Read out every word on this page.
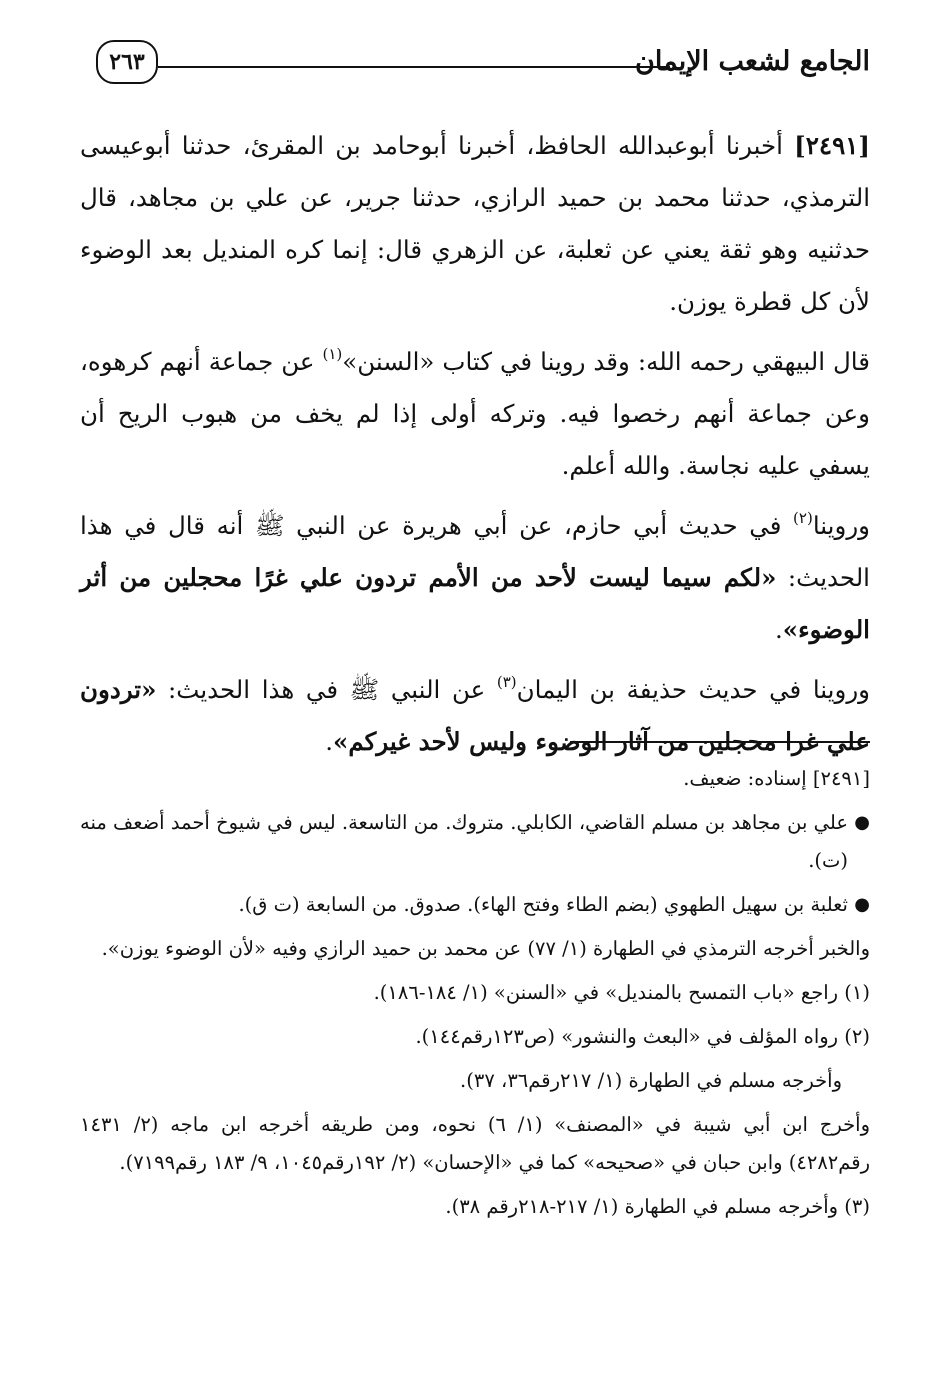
الجامع لشعب الإيمان
٢٦٣

[٢٤٩١] أخبرنا أبوعبدالله الحافظ، أخبرنا أبوحامد بن المقرئ، حدثنا أبوعيسى الترمذي، حدثنا محمد بن حميد الرازي، حدثنا جرير، عن علي بن مجاهد، قال حدثنيه وهو ثقة يعني عن ثعلبة، عن الزهري قال: إنما كره المنديل بعد الوضوء لأن كل قطرة يوزن.

قال البيهقي رحمه الله: وقد روينا في كتاب «السنن»$^{(١)}$ عن جماعة أنهم كرهوه، وعن جماعة أنهم رخصوا فيه. وتركه أولى إذا لم يخف من هبوب الريح أن يسفي عليه نجاسة. والله أعلم.

وروينا$^{(٢)}$ في حديث أبي حازم، عن أبي هريرة عن النبي ﷺ أنه قال في هذا الحديث: «لكم سيما ليست لأحد من الأمم تردون علي غرًا محجلين من أثر الوضوء».

وروينا في حديث حذيفة بن اليمان$^{(٣)}$ عن النبي ﷺ في هذا الحديث: «تردون علي غرا محجلين من آثار الوضوء وليس لأحد غيركم».

[٢٤٩١] إسناده: ضعيف.

●
علي بن مجاهد بن مسلم القاضي، الكابلي. متروك. من التاسعة. ليس في شيوخ أحمد أضعف منه (ت).

●
ثعلبة بن سهيل الطهوي (بضم الطاء وفتح الهاء). صدوق. من السابعة (ت ق).

والخبر أخرجه الترمذي في الطهارة (١/ ٧٧) عن محمد بن حميد الرازي وفيه «لأن الوضوء يوزن».

(١) راجع «باب التمسح بالمنديل» في «السنن» (١/ ١٨٤-١٨٦).

(٢) رواه المؤلف في «البعث والنشور» (ص١٢٣رقم١٤٤).

وأخرجه مسلم في الطهارة (١/ ٢١٧رقم٣٦، ٣٧).

وأخرج ابن أبي شيبة في «المصنف» (١/ ٦) نحوه، ومن طريقه أخرجه ابن ماجه (٢/ ١٤٣١ رقم٤٢٨٢) وابن حبان في «صحيحه» كما في «الإحسان» (٢/ ١٩٢رقم١٠٤٥، ٩/ ١٨٣ رقم٧١٩٩).

(٣) وأخرجه مسلم في الطهارة (١/ ٢١٧-٢١٨رقم ٣٨).
